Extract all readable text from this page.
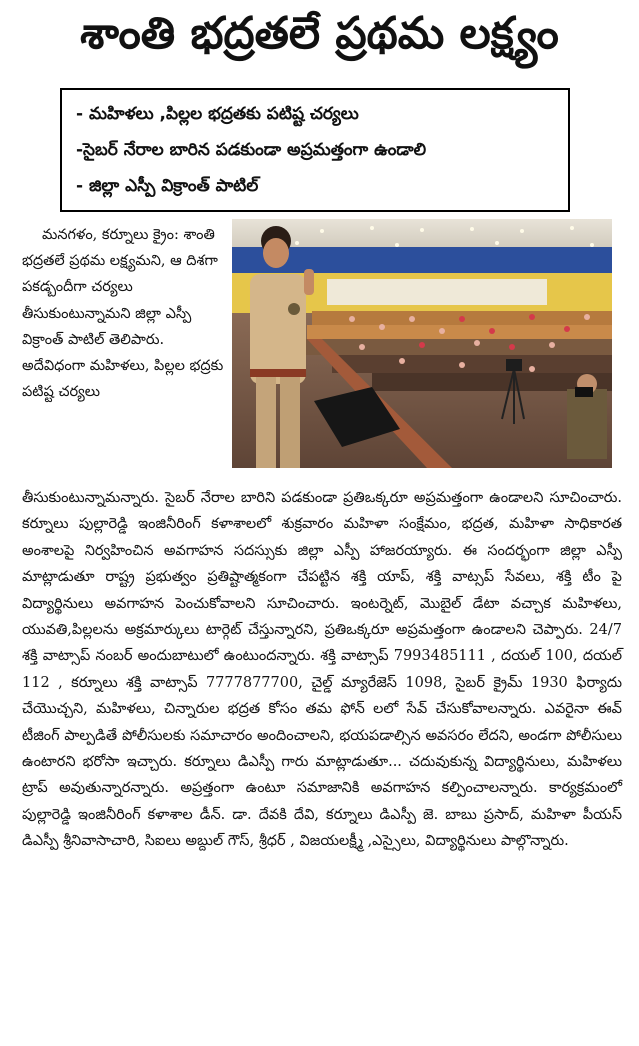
శాంతి భద్రతలే ప్రథమ లక్ష్యం
- మహిళలు ,పిల్లల భద్రతకు పటిష్ట చర్యలు
-సైబర్ నేరాల బారిన పడకుండా అప్రమత్తంగా ఉండాలి
- జిల్లా ఎస్పీ విక్రాంత్ పాటిల్

మనగళం, కర్నూలు క్రైం: శాంతి భద్రతలే ప్రథమ లక్ష్యమని, ఆ దిశగా పకడ్బందీగా చర్యలు తీసుకుంటున్నామని జిల్లా ఎస్పీ విక్రాంత్ పాటిల్ తెలిపారు. అదేవిధంగా మహిళలు, పిల్లల భద్రకు పటిష్ట చర్యలు

తీసుకుంటున్నామన్నారు. సైబర్ నేరాల బారిని పడకుండా ప్రతిఒక్కరూ అప్రమత్తంగా ఉండాలని సూచించారు. కర్నూలు పుల్లారెడ్డి ఇంజినీరింగ్ కళాశాలలో శుక్రవారం మహిళా సంక్షేమం, భద్రత, మహిళా సాధికారత అంశాలపై నిర్వహించిన అవగాహన సదస్సుకు జిల్లా ఎస్పీ హాజరయ్యారు. ఈ సందర్భంగా జిల్లా ఎస్పీ మాట్లాడుతూ రాష్ట్ర ప్రభుత్వం ప్రతిష్టాత్మకంగా చేపట్టిన శక్తి యాప్, శక్తి వాట్సప్ సేవలు, శక్తి టీం పై విద్యార్థినులు అవగాహన పెంచుకోవాలని సూచించారు. ఇంటర్నెట్, మొబైల్ డేటా వచ్చాక మహిళలు, యువతి,పిల్లలను అక్రమార్కులు టార్గెట్ చేస్తున్నారని, ప్రతిఒక్కరూ అప్రమత్తంగా ఉండాలని చెప్పారు. 24/7 శక్తి వాట్సాప్ నంబర్ అందుబాటులో ఉంటుందన్నారు. శక్తి వాట్సాప్ 7993485111 , దయల్ 100, దయల్ 112 , కర్నూలు శక్తి వాట్సాప్ 7777877700, చైల్డ్ మ్యారేజెస్ 1098, సైబర్ క్రైమ్ 1930 ఫిర్యాదు చేయొచ్చని, మహిళలు, చిన్నారుల భద్రత కోసం తమ ఫోన్ లలో సేవ్ చేసుకోవాలన్నారు. ఎవరైనా ఈవ్ టీజింగ్ పాల్పడితే పోలీసులకు సమాచారం అందించాలని, భయపడాల్సిన అవసరం లేదని, అండగా పోలీసులు ఉంటారని భరోసా ఇచ్చారు. కర్నూలు డిఎస్పీ గారు మాట్లాడుతూ... చదువుకున్న విద్యార్థినులు, మహిళలు ట్రాప్ అవుతున్నారన్నారు. అప్రత్తంగా ఉంటూ సమాజానికి అవగాహన కల్పించాలన్నారు. కార్యక్రమంలో పుల్లారెడ్డి ఇంజినీరింగ్ కళాశాల డీన్. డా. దేవకి దేవి, కర్నూలు డిఎస్పీ జె. బాబు ప్రసాద్, మహిళా పీయస్ డిఎస్పీ శ్రీనివాసాచారి, సిఐలు అబ్దుల్ గౌస్, శ్రీధర్ , విజయలక్ష్మీ ,ఎస్సైలు, విద్యార్థినులు పాల్గొన్నారు.
